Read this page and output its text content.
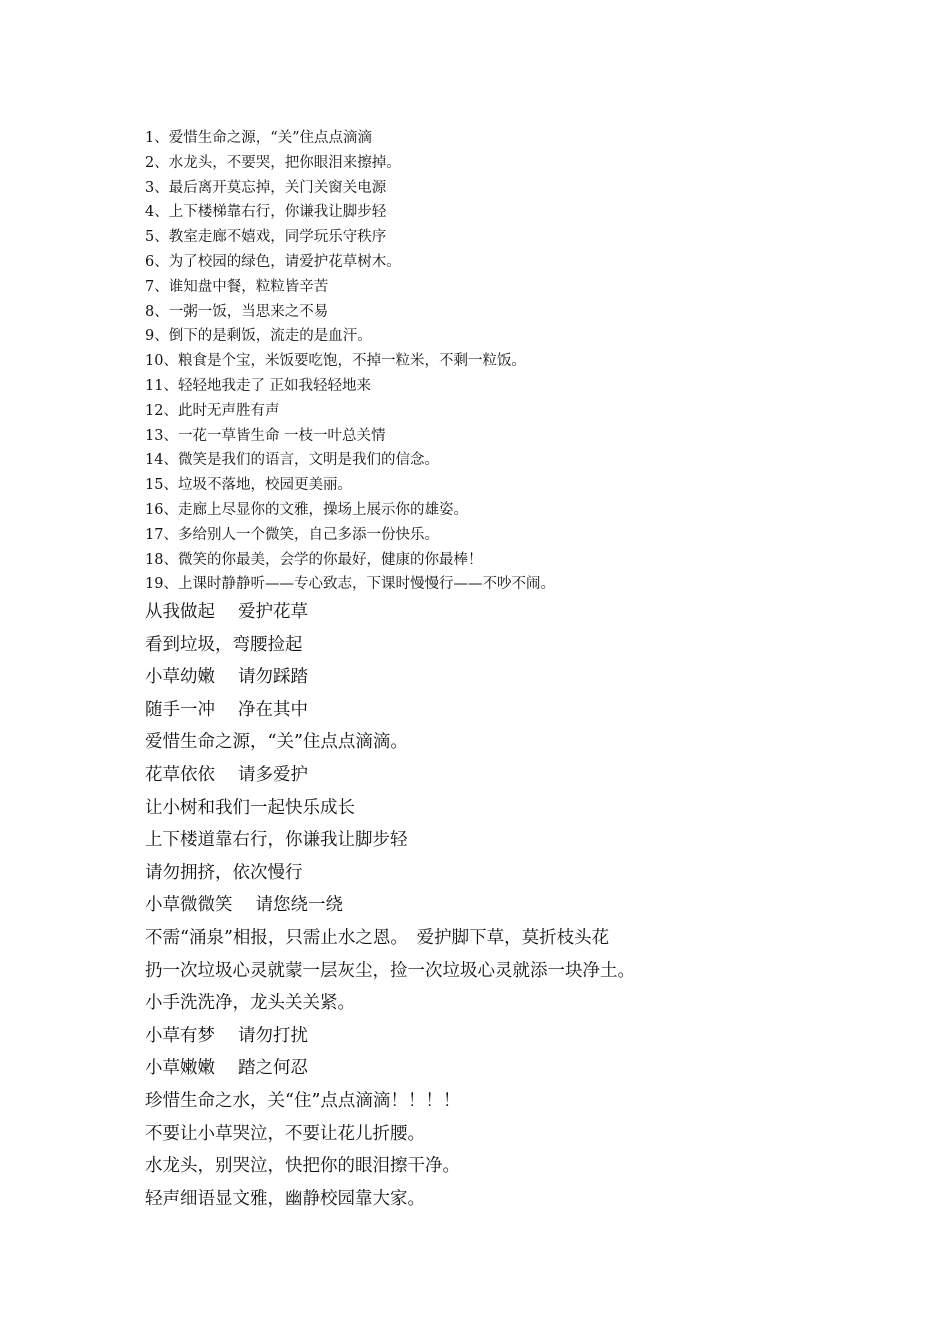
1、爱惜生命之源，“关”住点点滴滴
2、水龙头，不要哭，把你眼泪来擦掉。
3、最后离开莫忘掉，关门关窗关电源
4、上下楼梯靠右行，你谦我让脚步轻
5、教室走廊不嬉戏，同学玩乐守秩序
6、为了校园的绿色，请爱护花草树木。
7、谁知盘中餐，粒粒皆辛苦
8、一粥一饭，当思来之不易
9、倒下的是剩饭，流走的是血汗。
10、粮食是个宝，米饭要吃饱，不掉一粒米，不剩一粒饭。
11、轻轻地我走了 正如我轻轻地来
12、此时无声胜有声
13、一花一草皆生命 一枝一叶总关情
14、微笑是我们的语言，文明是我们的信念。
15、垃圾不落地，校园更美丽。
16、走廊上尽显你的文雅，操场上展示你的雄姿。
17、多给别人一个微笑，自己多添一份快乐。
18、微笑的你最美，会学的你最好，健康的你最棒！
19、上课时静静听——专心致志，下课时慢慢行——不吵不闹。
从我做起　 爱护花草
看到垃圾，弯腰捡起
小草幼嫩　 请勿踩踏
随手一冲　 净在其中
爱惜生命之源，“关”住点点滴滴。
花草依依　 请多爱护
让小树和我们一起快乐成长
上下楼道靠右行，你谦我让脚步轻
请勿拥挤，依次慢行
小草微微笑　 请您绕一绕
不需“涌泉”相报，只需止水之恩。　爱护脚下草，莫折枝头花
扔一次垃圾心灵就蒙一层灰尘，捡一次垃圾心灵就添一块净土。
小手洗洗净，龙头关关紧。
小草有梦　 请勿打扰
小草嫩嫩　 踏之何忍
珍惜生命之水，关“住”点点滴滴！！！！
不要让小草哭泣，不要让花儿折腰。
水龙头，别哭泣，快把你的眼泪擦干净。
轻声细语显文雅，幽静校园靠大家。
